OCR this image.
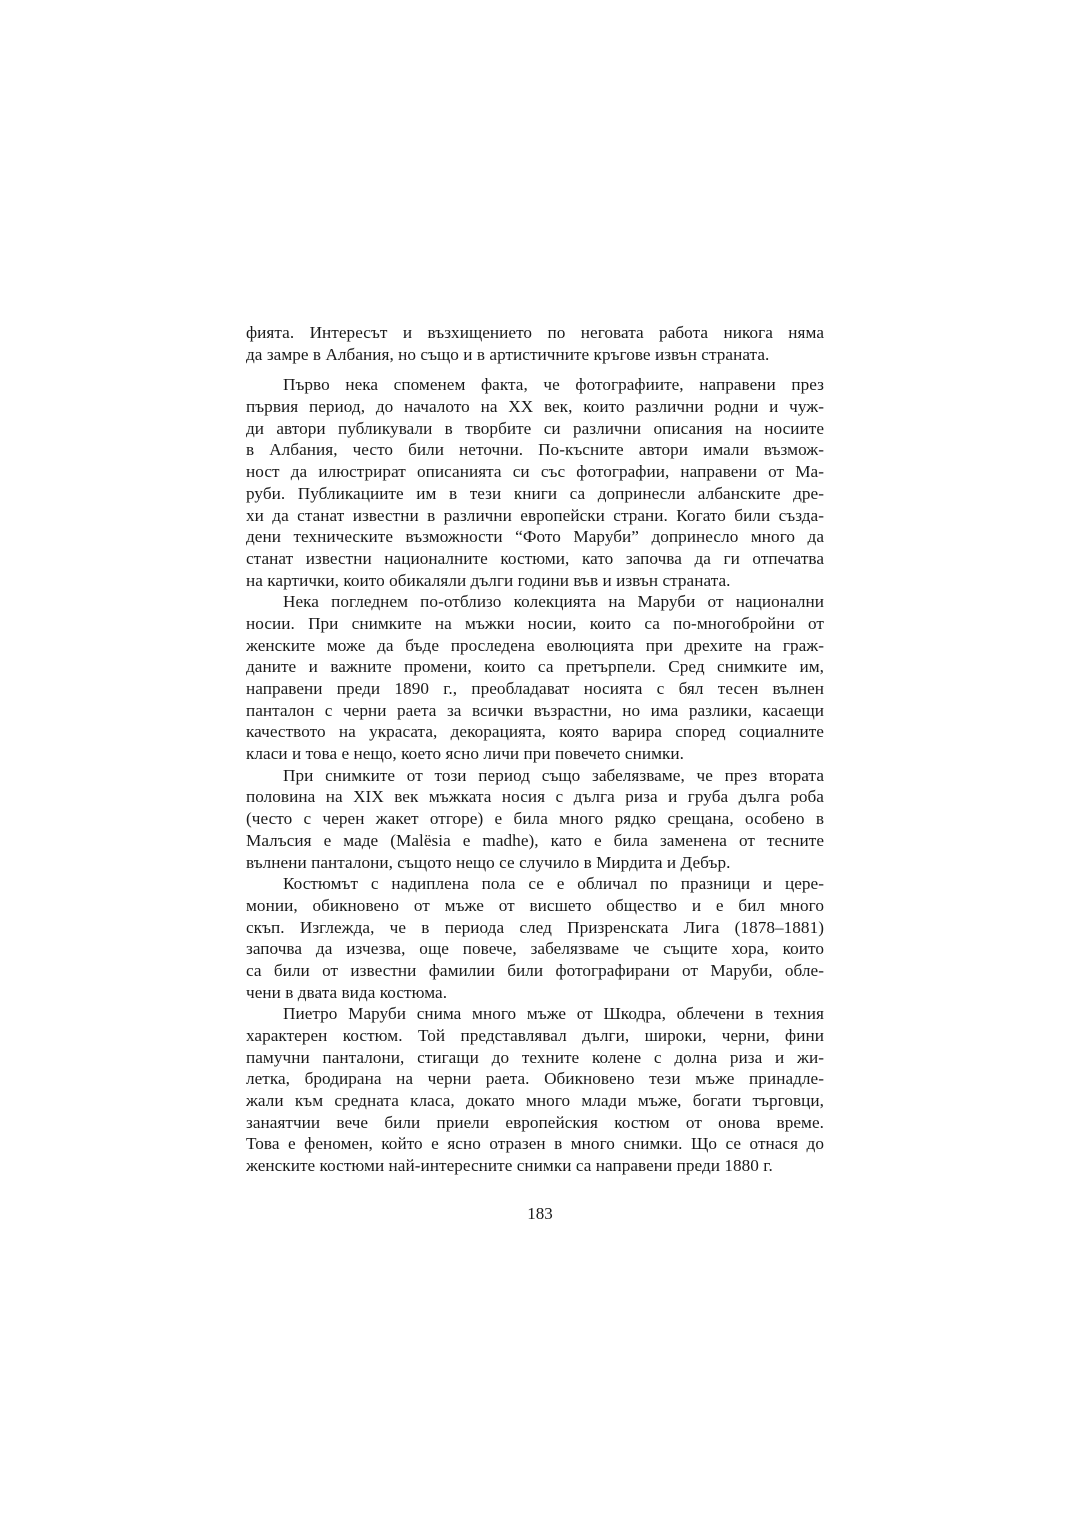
фията. Интересът и възхищението по неговата работа никога няма
да замре в Албания, но също и в артистичните кръгове извън страната.
Първо нека споменем факта, че фотографиите, направени през
първия период, до началото на XX век, които различни родни и чуж-
ди автори публикували в творбите си различни описания на носиите
в Албания, често били неточни. По-късните автори имали възмож-
ност да илюстрират описанията си със фотографии, направени от Ма-
руби. Публикациите им в тези книги са допринесли албанските дре-
хи да станат известни в различни европейски страни. Когато били създа-
дени техническите възможности “Фото Маруби” допринесло много да
станат известни националните костюми, като започва да ги отпечатва
на картички, които обикаляли дълги години във и извън страната.
Нека погледнем по-отблизо колекцията на Маруби от национални
носии. При снимките на мъжки носии, които са по-многобройни от
женските може да бъде проследена еволюцията при дрехите на граж-
даните и важните промени, които са претърпели. Сред снимките им,
направени преди 1890 г., преобладават носията с бял тесен вълнен
панталон с черни раета за всички възрастни, но има разлики, касаещи
качеството на украсата, декорацията, която варира според социалните
класи и това е нещо, което ясно личи при повечето снимки.
При снимките от този период също забелязваме, че през втората
половина на XIX век мъжката носия с дълга риза и груба дълга роба
(често с черен жакет отгоре) е била много рядко срещана, особено в
Малъсия е маде (Malësia e madhe), като е била заменена от тесните
вълнени панталони, същото нещо се случило в Мирдита и Дебър.
Костюмът с надиплена пола се е обличал по празници и цере-
монии, обикновено от мъже от висшето общество и е бил много
скъп. Изглежда, че в периода след Призренската Лига (1878–1881)
започва да изчезва, още повече, забелязваме че същите хора, които
са били от известни фамилии били фотографирани от Маруби, обле-
чени в двата вида костюма.
Пиетро Маруби снима много мъже от Шкодра, облечени в техния
характерен костюм. Той представлявал дълги, широки, черни, фини
памучни панталони, стигащи до техните колене с долна риза и жи-
летка, бродирана на черни раета. Обикновено тези мъже принадле-
жали към средната класа, докато много млади мъже, богати търговци,
занаятчии вече били приели европейския костюм от онова време.
Това е феномен, който е ясно отразен в много снимки. Що се отнася до
женските костюми най-интересните снимки са направени преди 1880 г.
183
